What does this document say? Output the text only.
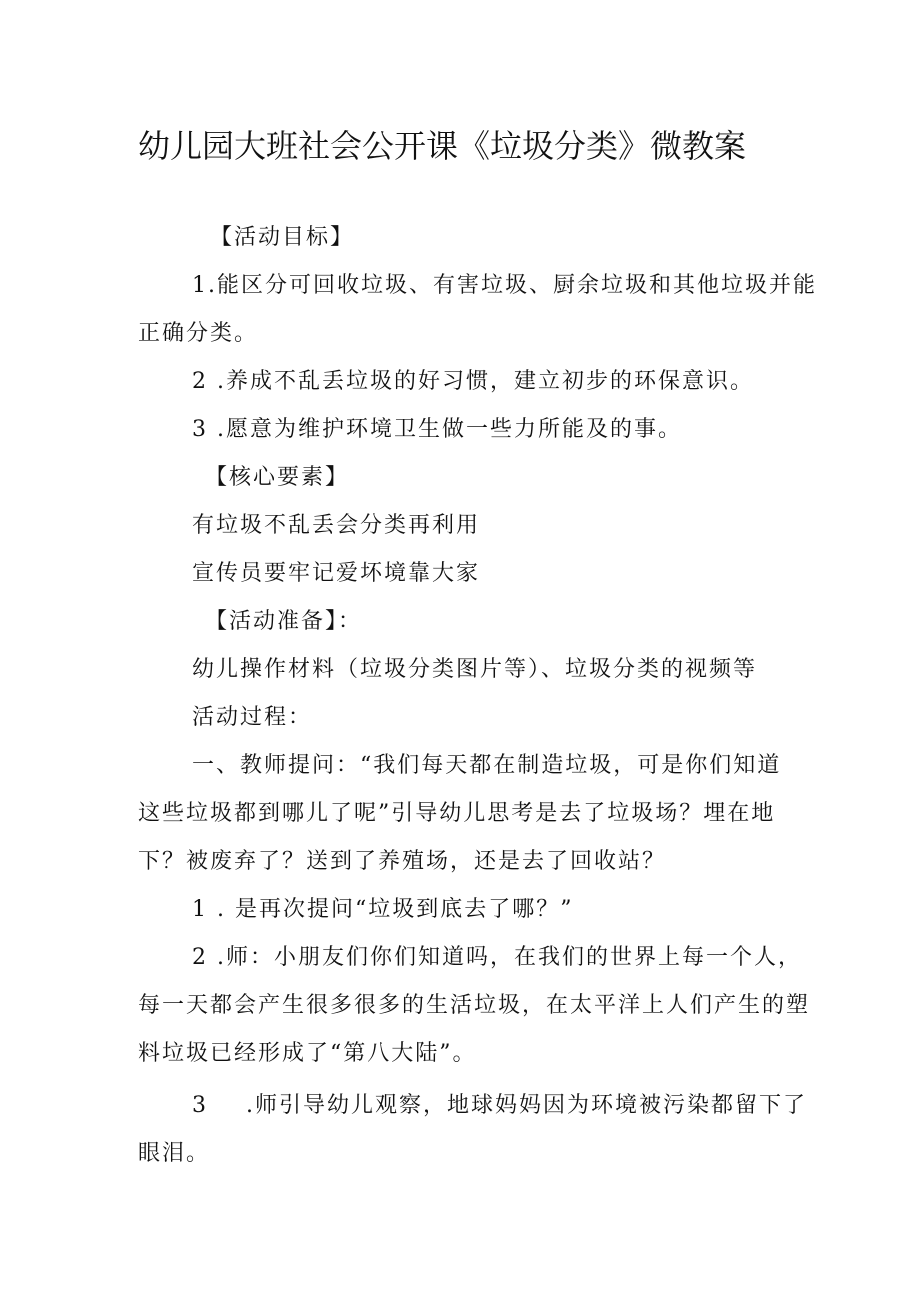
幼儿园大班社会公开课《垃圾分类》微教案
【活动目标】
1.能区分可回收垃圾、有害垃圾、厨余垃圾和其他垃圾并能
正确分类。
2 .养成不乱丢垃圾的好习惯，建立初步的环保意识。
3 .愿意为维护环境卫生做一些力所能及的事。
【核心要素】
有垃圾不乱丢会分类再利用
宣传员要牢记爱坏境靠大家
【活动准备】：
幼儿操作材料（垃圾分类图片等）、垃圾分类的视频等
活动过程：
一、教师提问：“我们每天都在制造垃圾，可是你们知道
这些垃圾都到哪儿了呢”引导幼儿思考是去了垃圾场？埋在地
下？被废弃了？送到了养殖场，还是去了回收站？
1 . 是再次提问“垃圾到底去了哪？”
2 .师：小朋友们你们知道吗，在我们的世界上每一个人，
每一天都会产生很多很多的生活垃圾，在太平洋上人们产生的塑
料垃圾已经形成了“第八大陆”。
3 .师引导幼儿观察，地球妈妈因为环境被污染都留下了
眼泪。
